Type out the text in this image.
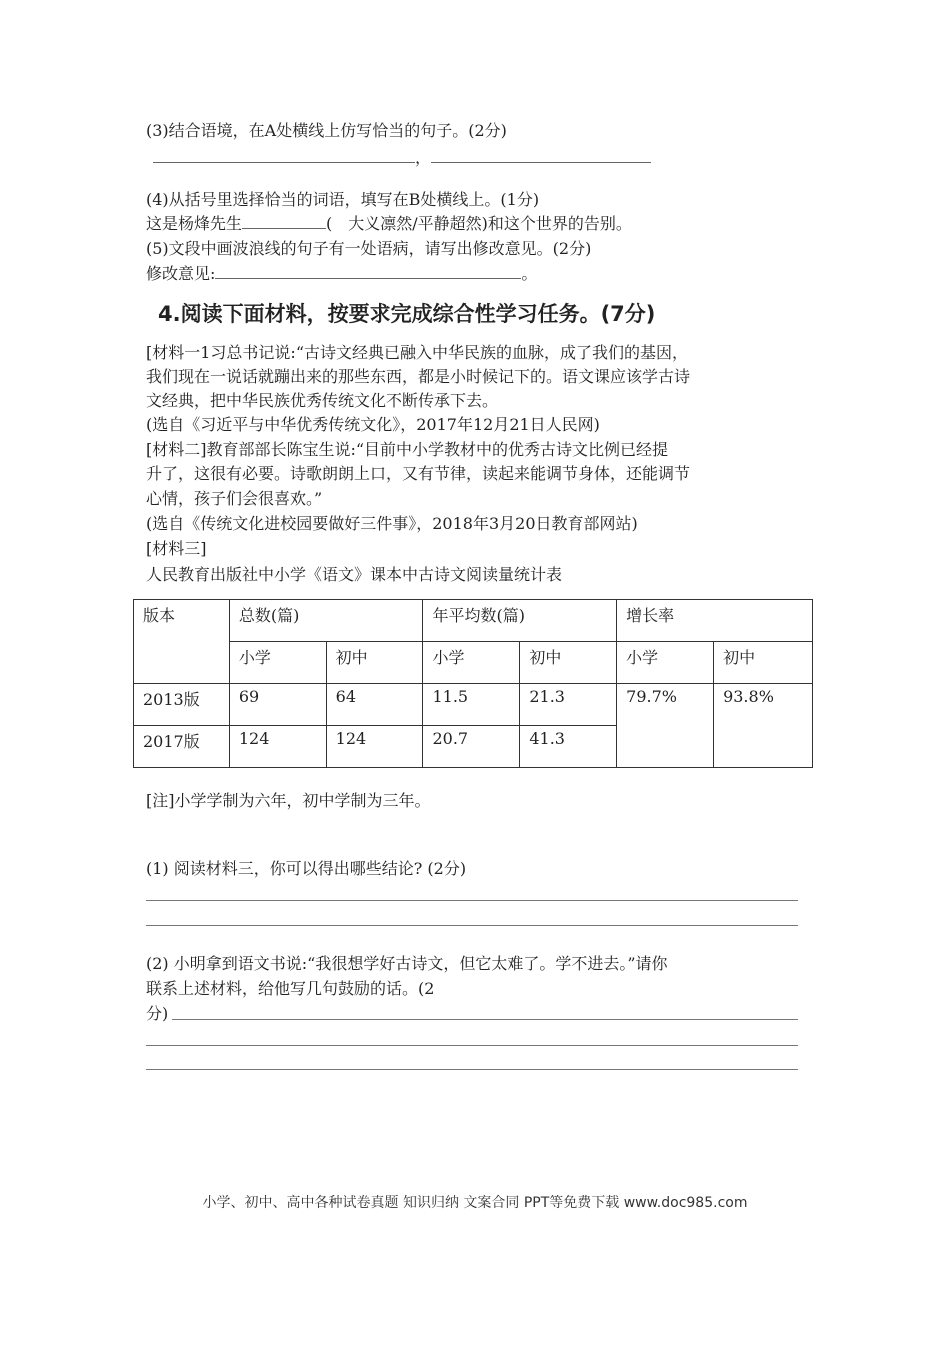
(3)结合语境，在A处横线上仿写恰当的句子。(2分)
，
(4)从括号里选择恰当的词语，填写在B处横线上。(1分)
这是杨烽先生	(　大义凛然/平静超然)和这个世界的告别。
(5)文段中画波浪线的句子有一处语病，请写出修改意见。(2分)
修改意见:	。
4.阅读下面材料，按要求完成综合性学习任务。(7分)
[材料一1习总书记说:“古诗文经典已融入中华民族的血脉，成了我们的基因，
我们现在一说话就蹦出来的那些东西，都是小时候记下的。语文课应该学古诗
文经典，把中华民族优秀传统文化不断传承下去。
(选自《习近平与中华优秀传统文化》，2017年12月21日人民网)
[材料二]教育部部长陈宝生说:“目前中小学教材中的优秀古诗文比例已经提
升了，这很有必要。诗歌朗朗上口，又有节律，读起来能调节身体，还能调节
心情，孩子们会很喜欢。”
(选自《传统文化进校园要做好三件事》，2018年3月20日教育部网站)
[材料三]
人民教育出版社中小学《语文》课本中古诗文阅读量统计表
版本	总数(篇)		年平均数(篇)		增长率	
	小学	初中	小学	初中	小学	初中
2013版	69	64	11.5	21.3	79.7%	93.8%
2017版	124	124	20.7	41.3		
[注]小学学制为六年，初中学制为三年。
(1) 阅读材料三，你可以得出哪些结论? (2分)
(2) 小明拿到语文书说:“我很想学好古诗文，但它太难了。学不进去。”请你
联系上述材料，给他写几句鼓励的话。(2
分)
小学、初中、高中各种试卷真题 知识归纳 文案合同 PPT等免费下载 www.doc985.com
